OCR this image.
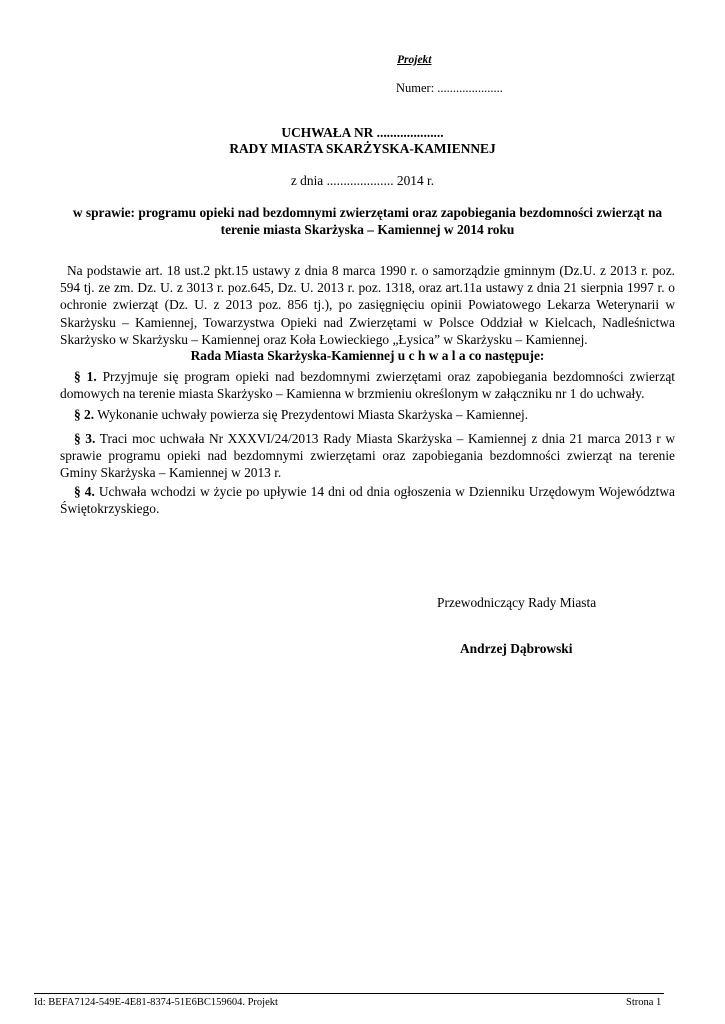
Projekt
Numer: .....................
UCHWAŁA NR ....................
RADY MIASTA SKARŻYSKA-KAMIENNEJ
z dnia .................... 2014 r.
w sprawie: programu opieki nad bezdomnymi zwierzętami oraz zapobiegania bezdomności zwierząt na terenie miasta Skarżyska – Kamiennej w 2014 roku
Na podstawie art. 18 ust.2 pkt.15 ustawy z dnia 8 marca 1990 r. o samorządzie gminnym (Dz.U. z 2013 r. poz. 594 tj. ze zm. Dz. U. z 3013 r. poz.645, Dz. U. 2013 r. poz. 1318, oraz art.11a ustawy z dnia 21 sierpnia 1997 r. o ochronie zwierząt (Dz. U. z 2013 poz. 856 tj.), po zasięgnięciu opinii Powiatowego Lekarza Weterynarii w Skarżysku – Kamiennej, Towarzystwa Opieki nad Zwierzętami w Polsce Oddział w Kielcach, Nadleśnictwa Skarżysko w Skarżysku – Kamiennej oraz Koła Łowieckiego „Łysica” w Skarżysku – Kamiennej.
Rada Miasta Skarżyska-Kamiennej u c h w a l a co następuje:
§ 1. Przyjmuje się program opieki nad bezdomnymi zwierzętami oraz zapobiegania bezdomności zwierząt domowych na terenie miasta Skarżysko – Kamienna w brzmieniu określonym w załączniku nr 1 do uchwały.
§ 2. Wykonanie uchwały powierza się Prezydentowi Miasta Skarżyska – Kamiennej.
§ 3. Traci moc uchwała Nr XXXVI/24/2013 Rady Miasta Skarżyska – Kamiennej z dnia 21 marca 2013 r w sprawie programu opieki nad bezdomnymi zwierzętami oraz zapobiegania bezdomności zwierząt na terenie Gminy Skarżyska – Kamiennej w 2013 r.
§ 4. Uchwała wchodzi w życie po upływie 14 dni od dnia ogłoszenia w Dzienniku Urzędowym Województwa Świętokrzyskiego.
Przewodniczący Rady Miasta
Andrzej Dąbrowski
Id: BEFA7124-549E-4E81-8374-51E6BC159604. Projekt	Strona 1
